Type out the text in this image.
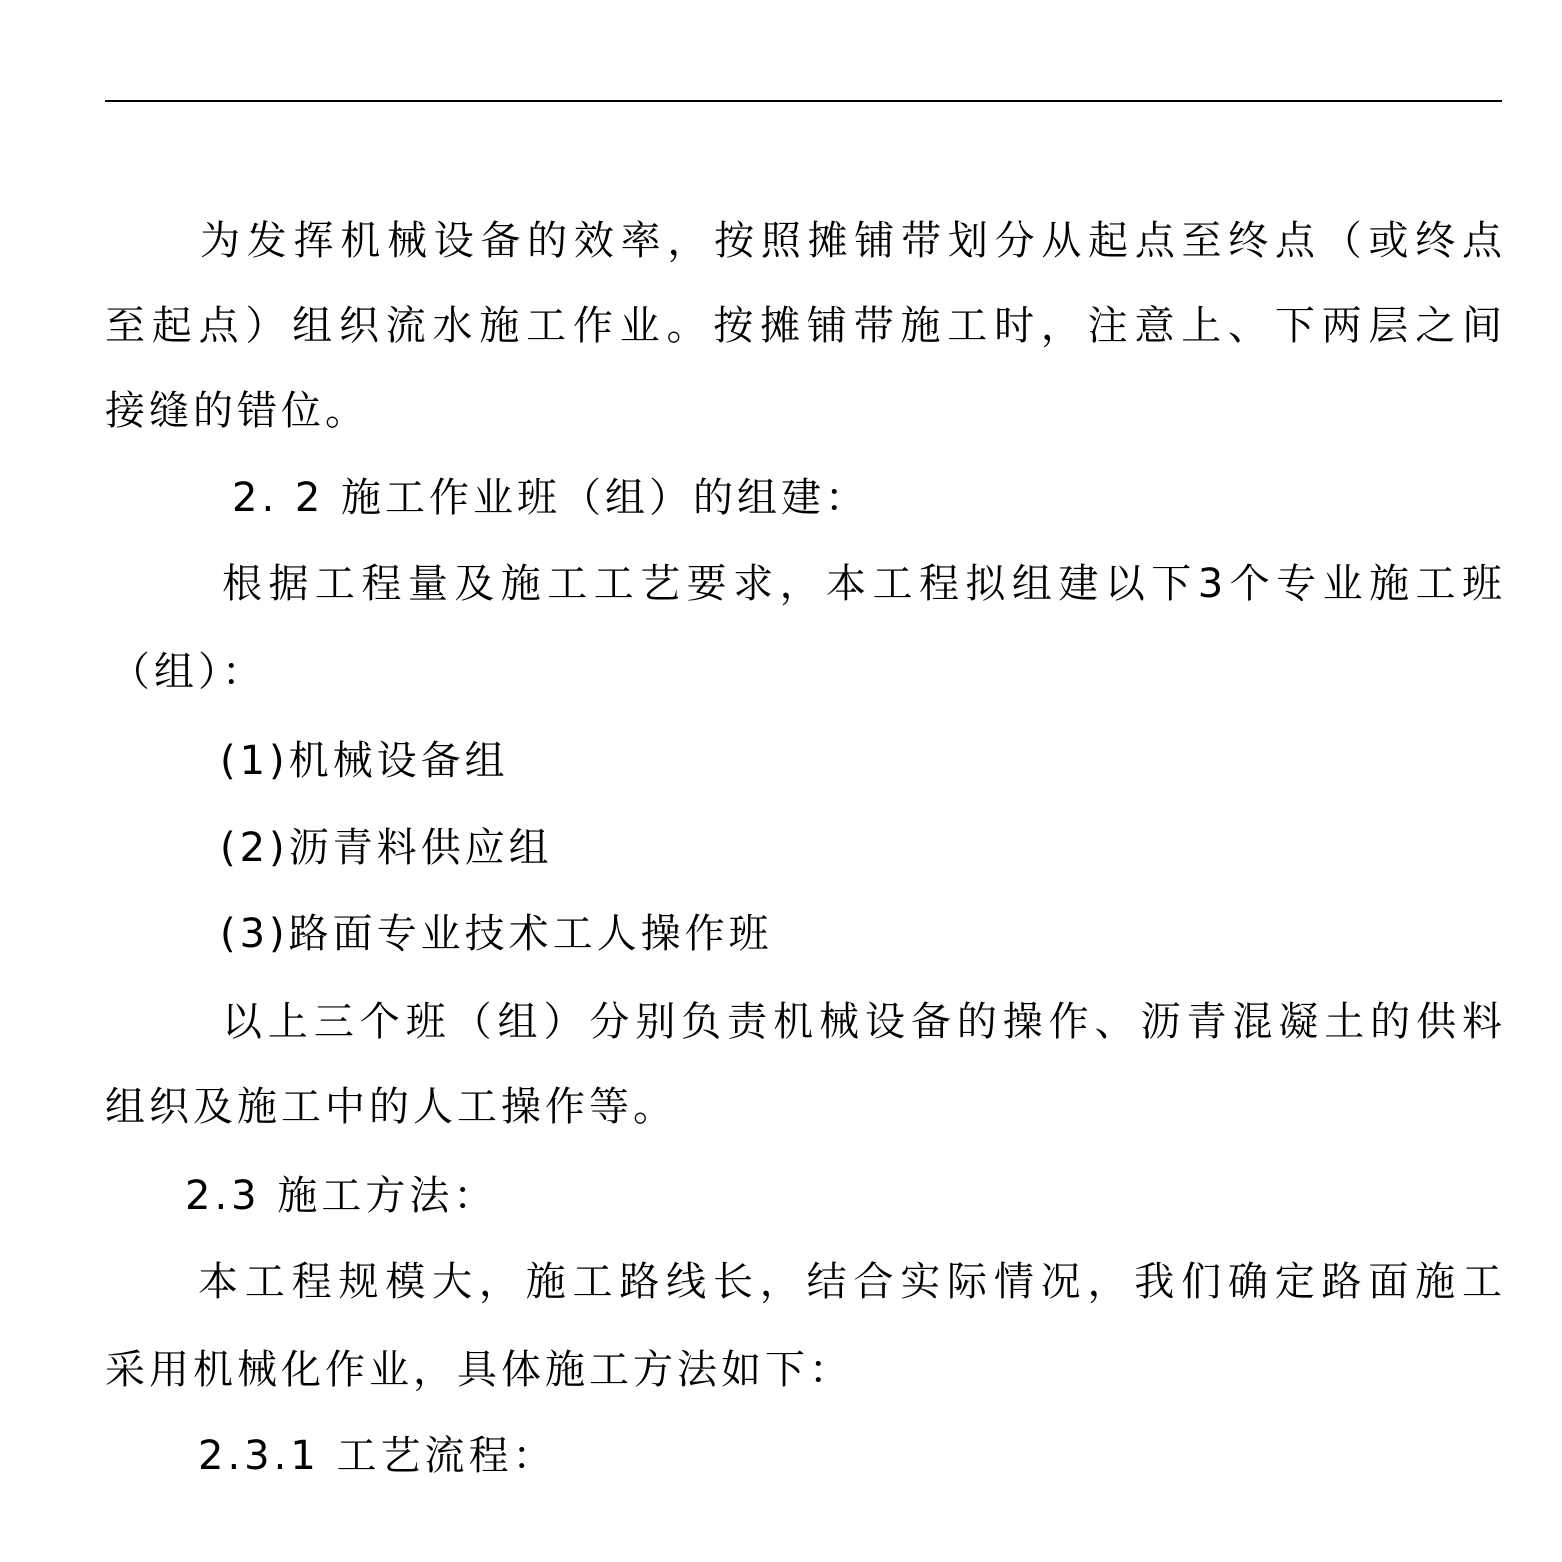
为发挥机械设备的效率，按照摊铺带划分从起点至终点（或终点
至起点）组织流水施工作业。按摊铺带施工时，注意上、下两层之间
接缝的错位。
2. 2 施工作业班（组）的组建：
根据工程量及施工工艺要求，本工程拟组建以下3个专业施工班
（组）：
(1)机械设备组
(2)沥青料供应组
(3)路面专业技术工人操作班
以上三个班（组）分别负责机械设备的操作、沥青混凝土的供料
组织及施工中的人工操作等。
2.3 施工方法：
本工程规模大，施工路线长，结合实际情况，我们确定路面施工
采用机械化作业，具体施工方法如下：
2.3.1 工艺流程：
